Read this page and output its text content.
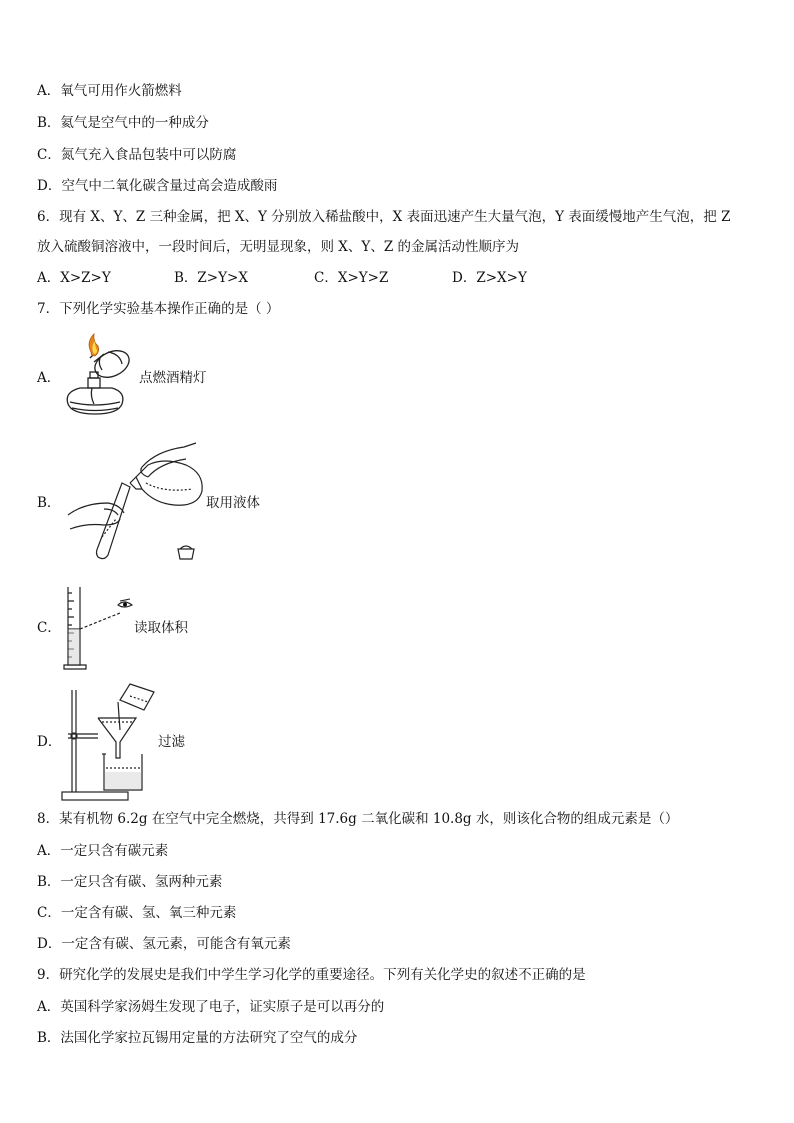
A．氧气可用作火箭燃料
B．氦气是空气中的一种成分
C．氮气充入食品包装中可以防腐
D．空气中二氧化碳含量过高会造成酸雨
6．现有 X、Y、Z 三种金属，把 X、Y 分别放入稀盐酸中，X 表面迅速产生大量气泡，Y 表面缓慢地产生气泡，把 Z
放入硫酸铜溶液中，一段时间后，无明显现象，则 X、Y、Z 的金属活动性顺序为
A．X>Z>Y	B．Z>Y>X	C．X>Y>Z	D．Z>X>Y
7．下列化学实验基本操作正确的是（ ）
A．	点燃酒精灯
B．	取用液体
C．	读取体积
D．	过滤
8．某有机物 6.2g 在空气中完全燃烧，共得到 17.6g 二氧化碳和 10.8g 水，则该化合物的组成元素是（）
A．一定只含有碳元素
B．一定只含有碳、氢两种元素
C．一定含有碳、氢、氧三种元素
D．一定含有碳、氢元素，可能含有氧元素
9．研究化学的发展史是我们中学生学习化学的重要途径。下列有关化学史的叙述不正确的是
A．英国科学家汤姆生发现了电子，证实原子是可以再分的
B．法国化学家拉瓦锡用定量的方法研究了空气的成分
